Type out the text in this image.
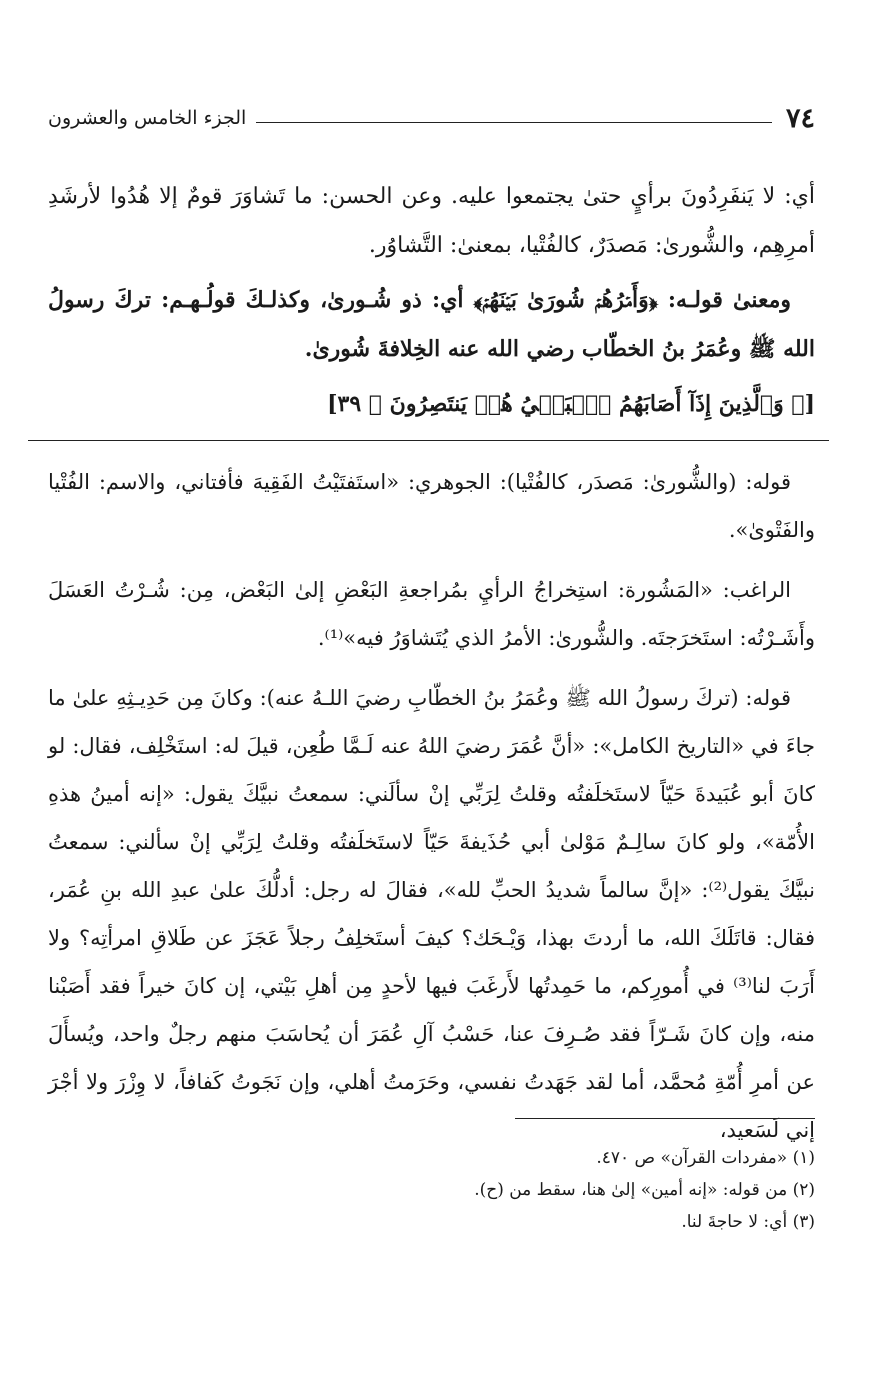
٧٤
الجزء الخامس والعشرون

أي: لا يَنفَرِدُونَ برأيٍ حتىٰ يجتمعوا عليه. وعن الحسن: ما تَشاوَرَ قومٌ إلا هُدُوا لأرشَدِ أمرِهِم، والشُّورىٰ: مَصدَرٌ، كالفُتْيا، بمعنىٰ: التَّشاوُر.

ومعنىٰ قولـه: ﴿وَأَمۡرُهُمۡ شُورَىٰ بَيۡنَهُمۡ﴾ أي: ذو شُـورىٰ، وكذلـكَ قولُـهـم: تركَ رسولُ الله ﷺ وعُمَرُ بنُ الخطّاب رضي الله عنه الخِلافةَ شُورىٰ.

[﴿ وَٱلَّذِينَ إِذَآ أَصَابَهُمُ ٱلۡبَغۡيُ هُمۡ يَنتَصِرُونَ ﴾ ٣٩]

قوله: (والشُّورىٰ: مَصدَر، كالفُتْيا): الجوهري: «استَفتَيْتُ الفَقِيهَ فأفتاني، والاسم: الفُتْيا والفَتْوىٰ».

الراغب: «المَشُورة: استِخراجُ الرأيِ بمُراجعةِ البَعْضِ إلىٰ البَعْض، مِن: شُـرْتُ العَسَلَ وأَشَـرْتُه: استَخرَجتَه. والشُّورىٰ: الأمرُ الذي يُتَشاوَرُ فيه»⁽¹⁾.

قوله: (تركَ رسولُ الله ﷺ وعُمَرُ بنُ الخطّابِ رضيَ اللـهُ عنه): وكانَ مِن حَدِيـثِهِ علىٰ ما جاءَ في «التاريخ الكامل»: «أنَّ عُمَرَ رضيَ اللهُ عنه لَـمَّا طُعِن، قيلَ له: استَخْلِف، فقال: لو كانَ أبو عُبَيدةَ حَيّاً لاستَخلَفتُه وقلتُ لِرَبِّي إنْ سألَني: سمعتُ نبيَّكَ يقول: «إنه أمينُ هذهِ الأُمّة»، ولو كانَ سالِـمٌ مَوْلىٰ أبي حُذَيفةَ حَيّاً لاستَخلَفتُه وقلتُ لِرَبِّي إنْ سألني: سمعتُ نبيَّكَ يقول⁽²⁾: «إنَّ سالماً شديدُ الحبِّ لله»، فقالَ له رجل: أدلُّكَ علىٰ عبدِ الله بنِ عُمَر، فقال: قاتَلَكَ الله، ما أردتَ بهذا، وَيْـحَك؟ كيفَ أستَخلِفُ رجلاً عَجَزَ عن طَلاقِ امرأتِه؟ ولا أَرَبَ لنا⁽³⁾ في أُمورِكم، ما حَمِدتُها لأَرغَبَ فيها لأحدٍ مِن أهلِ بَيْتي، إن كانَ خيراً فقد أَصَبْنا منه، وإن كانَ شَـرّاً فقد صُـرِفَ عنا، حَسْبُ آلِ عُمَرَ أن يُحاسَبَ منهم رجلٌ واحد، ويُسأَلَ عن أمرِ أُمّةِ مُحمَّد، أما لقد جَهَدتُ نفسي، وحَرَمتُ أهلي، وإن نَجَوتُ كَفافاً، لا وِزْرَ ولا أجْرَ إني لَسَعيد،

(١) «مفردات القرآن» ص ٤٧٠.
(٢) من قوله: «إنه أمين» إلىٰ هنا، سقط من (ح).
(٣) أي: لا حاجةَ لنا.
